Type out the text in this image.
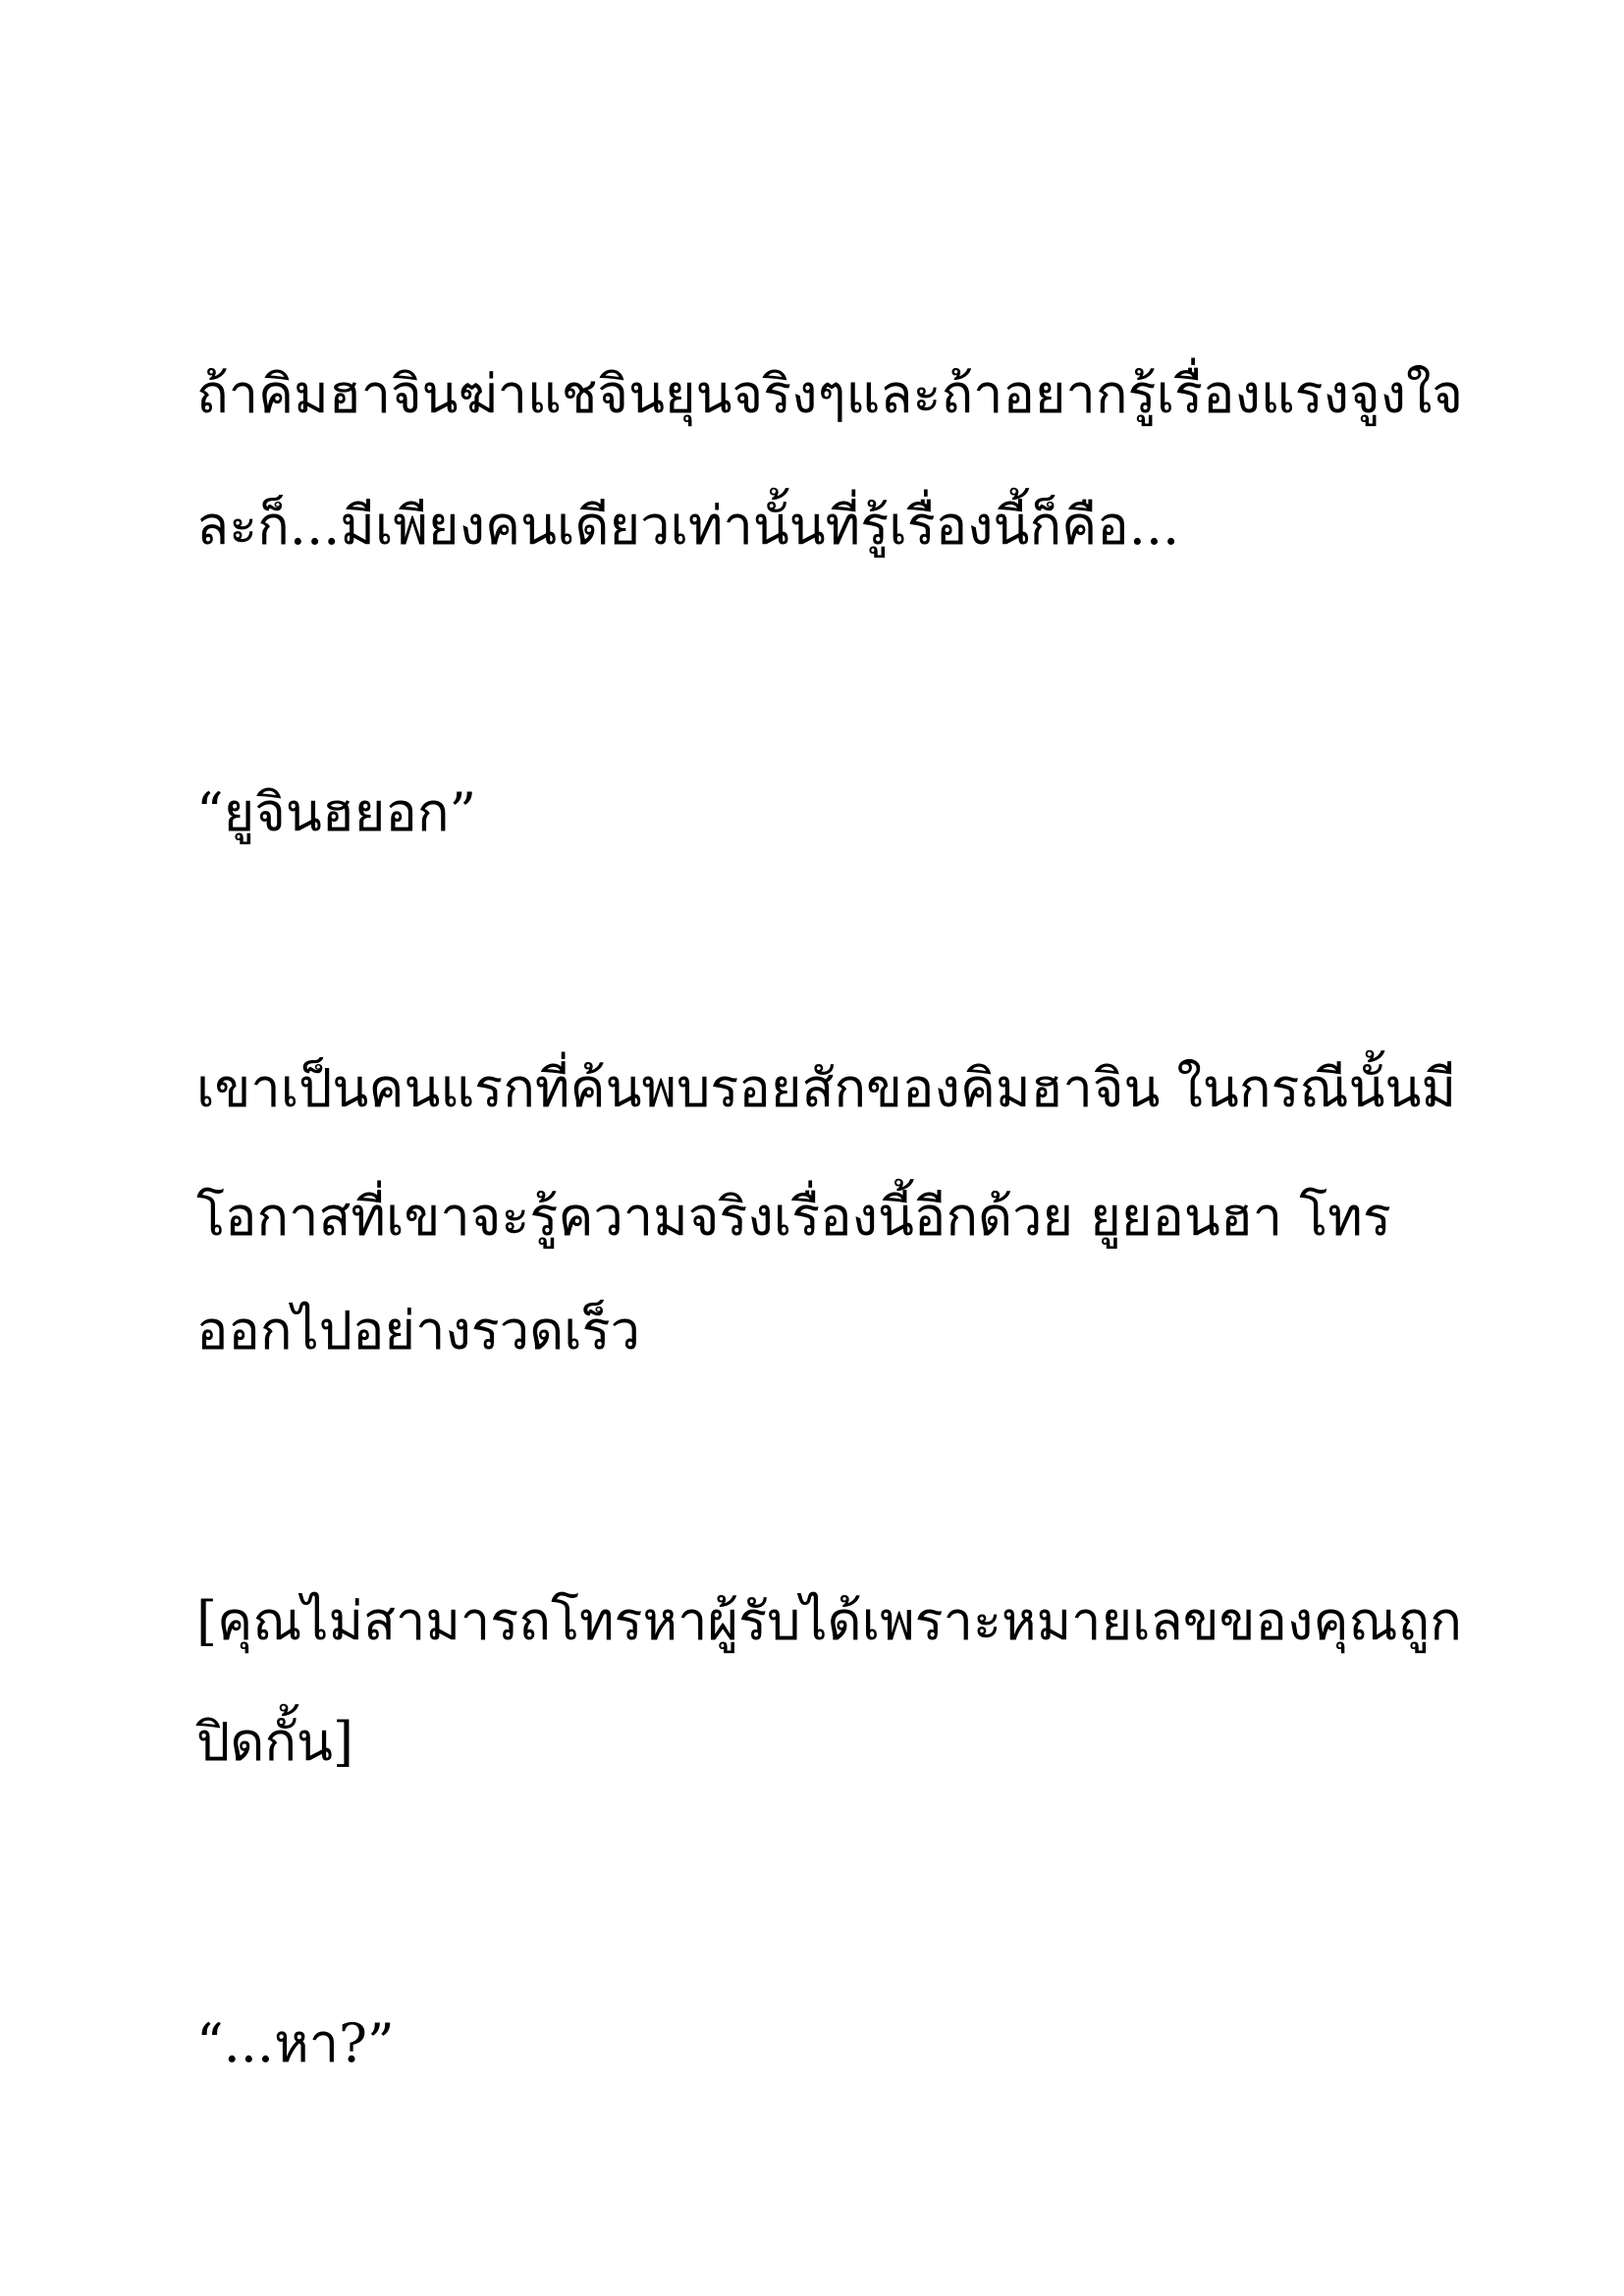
ถ้าคิมฮาจินฆ่าแชจินยุนจริงๆและถ้าอยากรู้เรื่องแรงจูงใจ

ละก็...มีเพียงคนเดียวเท่านั้นที่รู้เรื่องนี้ก็คือ...

“ยูจินฮยอก”

เขาเป็นคนแรกที่ค้นพบรอยสักของคิมฮาจิน ในกรณีนั้นมี

โอกาสที่เขาจะรู้ความจริงเรื่องนี้อีกด้วย ยูยอนฮา โทร

ออกไปอย่างรวดเร็ว

[คุณไม่สามารถโทรหาผู้รับได้เพราะหมายเลขของคุณถูก

ปิดกั้น]

“...หา?”
